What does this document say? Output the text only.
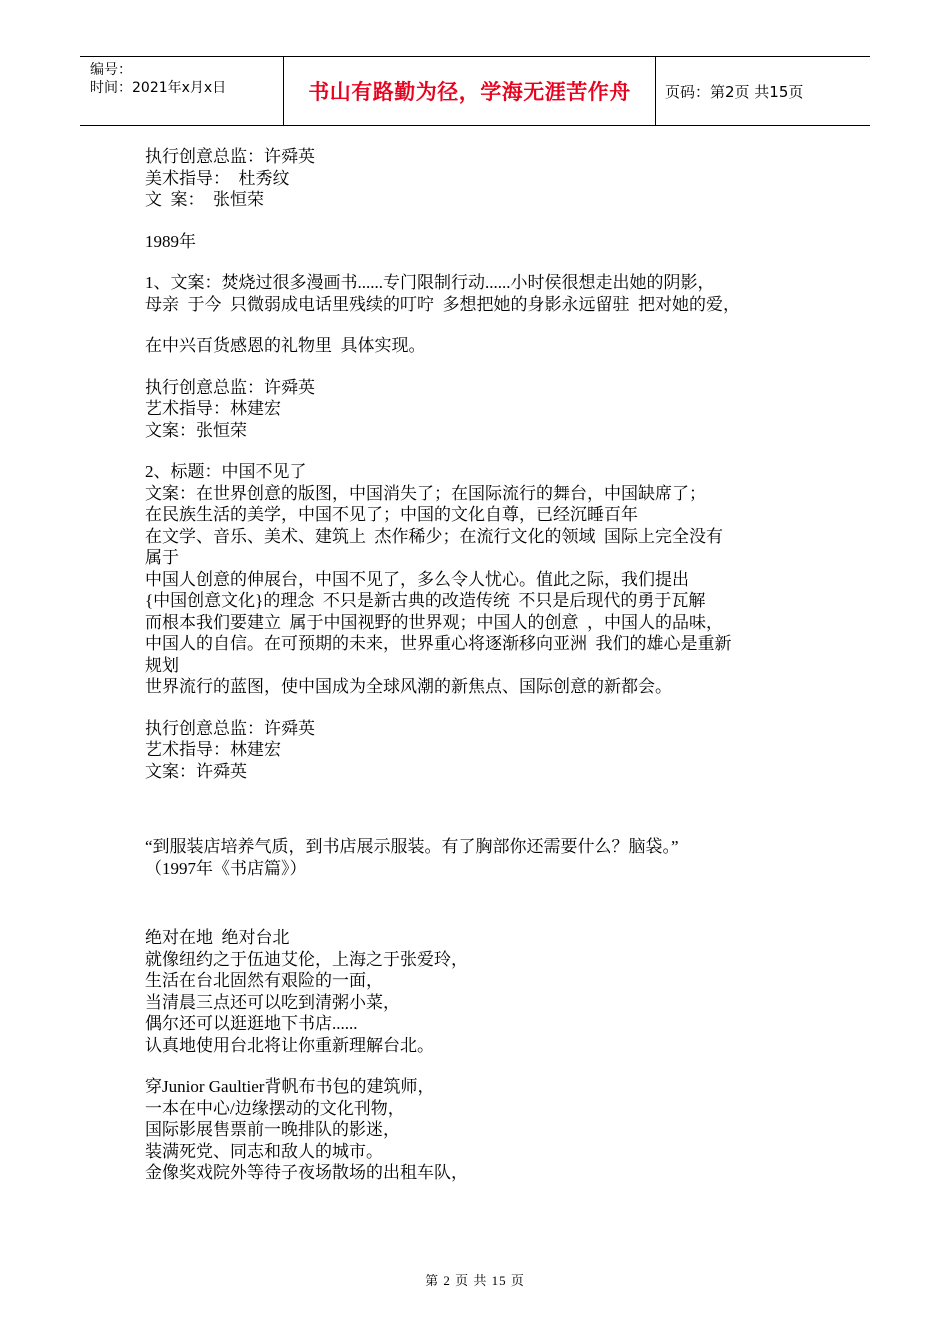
编号：
时间：2021年x月x日	书山有路勤为径，学海无涯苦作舟 页码：第2页 共15页

执行创意总监：许舜英

美术指导：  杜秀纹

文  案：  张恒荣

1989年

1、文案：焚烧过很多漫画书......专门限制行动......小时侯很想走出她的阴影，

母亲  于今  只微弱成电话里残续的叮咛  多想把她的身影永远留驻  把对她的爱，

在中兴百货感恩的礼物里  具体实现。

执行创意总监：许舜英

艺术指导：林建宏

文案：张恒荣

2、标题：中国不见了

文案：在世界创意的版图，中国消失了；在国际流行的舞台，中国缺席了；

在民族生活的美学，中国不见了；中国的文化自尊，已经沉睡百年

在文学、音乐、美术、建筑上  杰作稀少；在流行文化的领域  国际上完全没有

属于

中国人创意的伸展台，中国不见了，多么令人忧心。值此之际，我们提出

{中国创意文化}的理念  不只是新古典的改造传统  不只是后现代的勇于瓦解

而根本我们要建立  属于中国视野的世界观；中国人的创意  ，中国人的品味，

中国人的自信。在可预期的未来，世界重心将逐渐移向亚洲  我们的雄心是重新

规划

世界流行的蓝图，使中国成为全球风潮的新焦点、国际创意的新都会。

执行创意总监：许舜英

艺术指导：林建宏

文案：许舜英

“到服装店培养气质，到书店展示服装。有了胸部你还需要什么？脑袋。”

（1997年《书店篇》）

绝对在地  绝对台北

就像纽约之于伍迪艾伦，上海之于张爱玲，

生活在台北固然有艰险的一面，

当清晨三点还可以吃到清粥小菜，

偶尔还可以逛逛地下书店......

认真地使用台北将让你重新理解台北。

穿Junior Gaultier背帆布书包的建筑师，

一本在中心/边缘摆动的文化刊物，

国际影展售票前一晚排队的影迷，

装满死党、同志和敌人的城市。

金像奖戏院外等待子夜场散场的出租车队，

第 2 页 共 15 页
